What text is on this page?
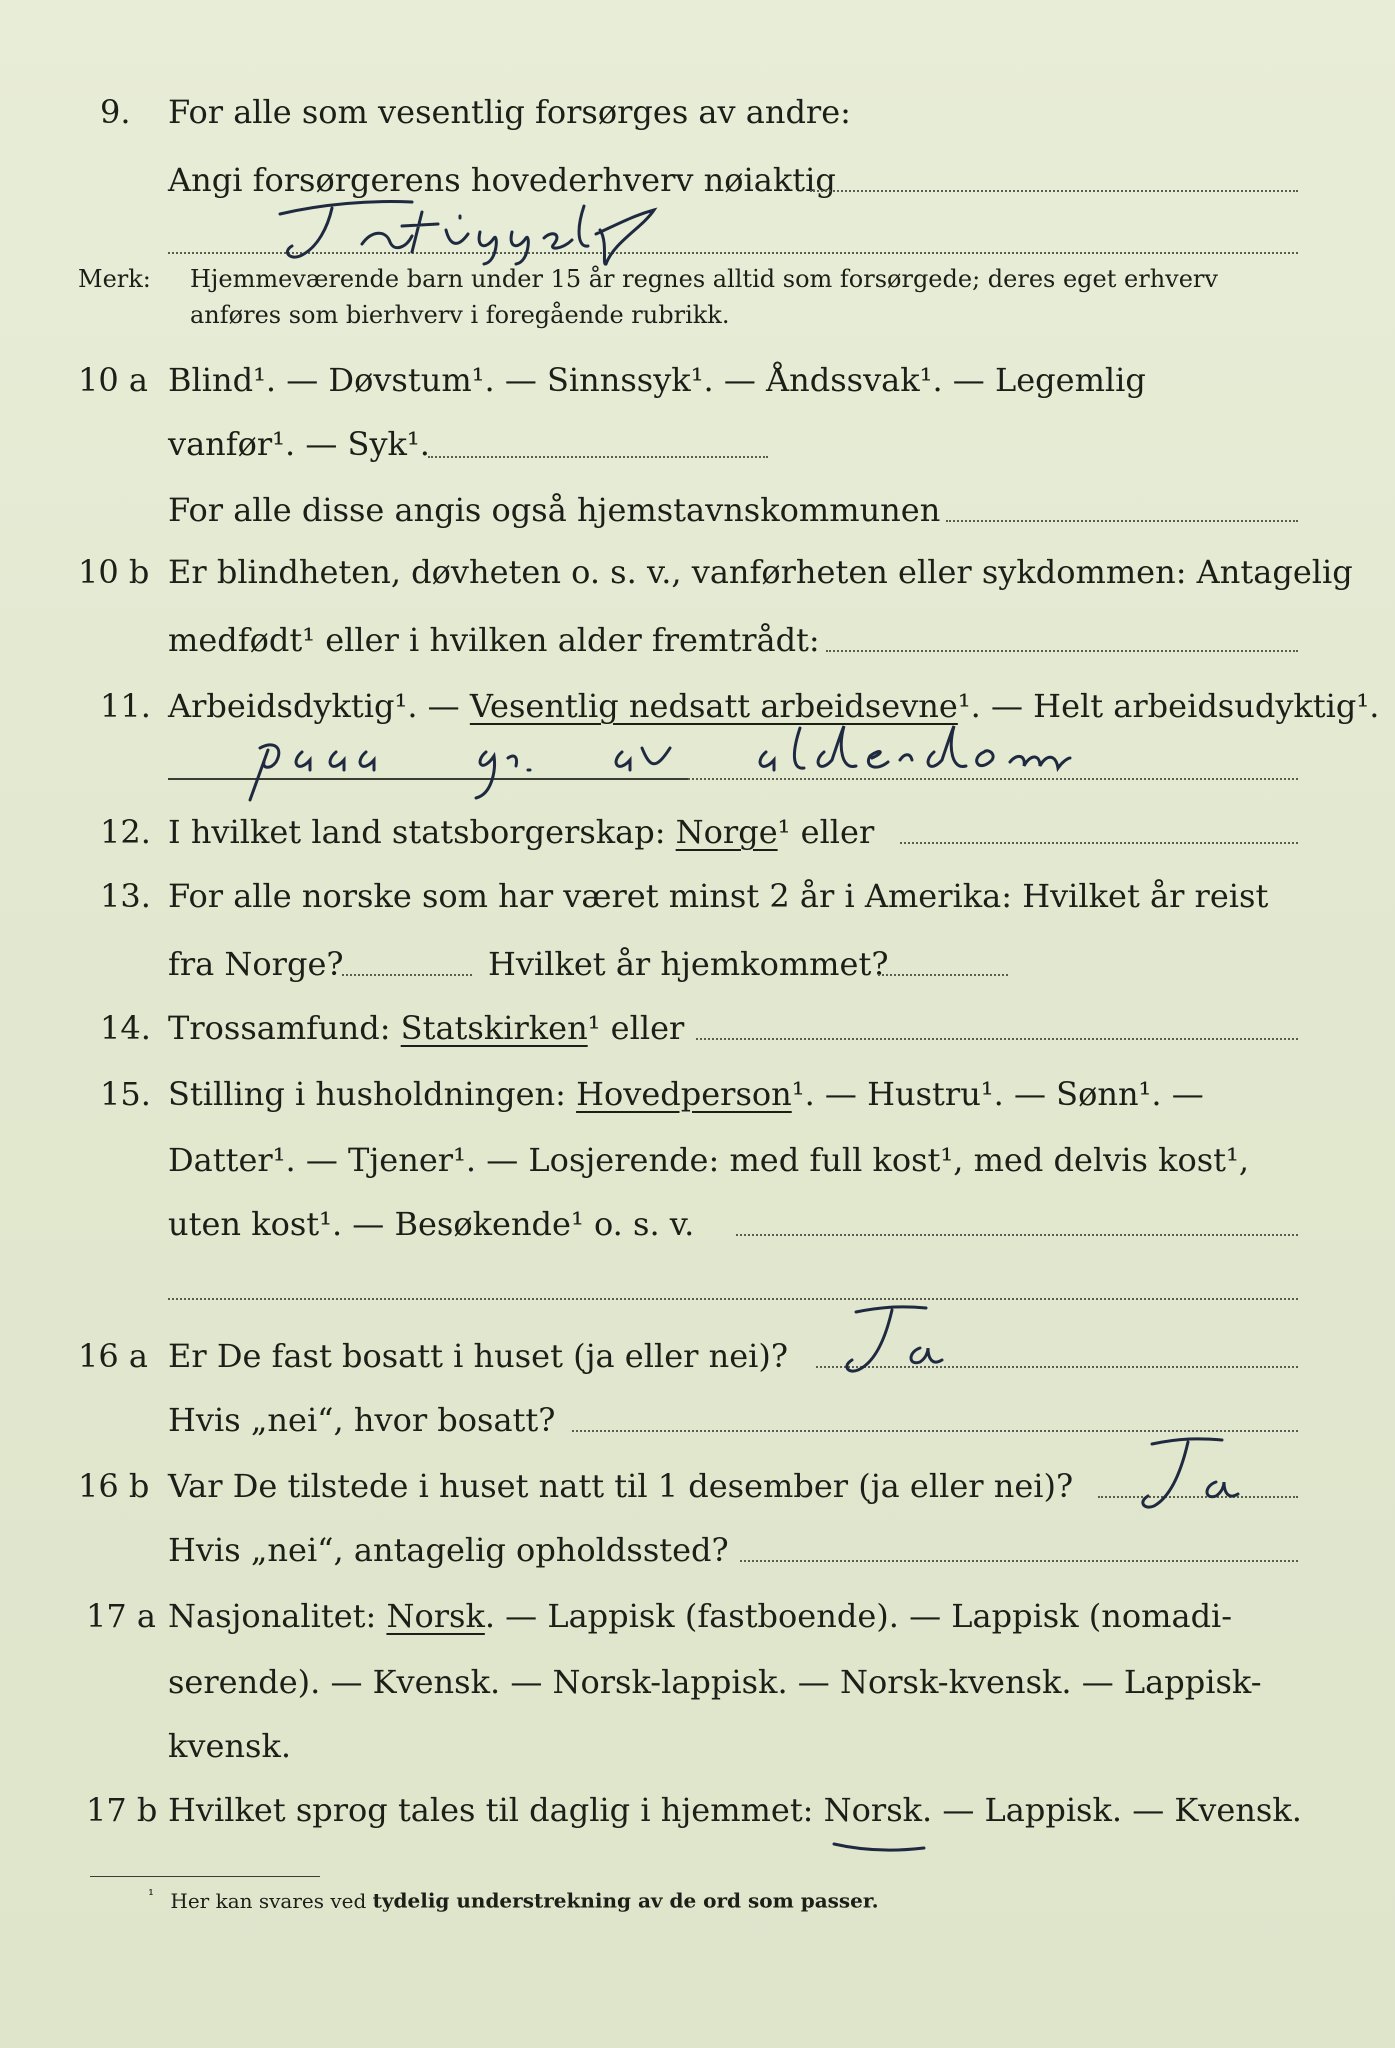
9. For alle som vesentlig forsørges av andre:
Angi forsørgerens hovederhverv nøiaktig
Merk: Hjemmeværende barn under 15 år regnes alltid som forsørgede; deres eget erhverv
anføres som bierhverv i foregående rubrikk.
10 a Blind¹. — Døvstum¹. — Sinnssyk¹. — Åndssvak¹. — Legemlig
vanfør¹. — Syk¹.
For alle disse angis også hjemstavnskommunen
10 b Er blindheten, døvheten o. s. v., vanførheten eller sykdommen: Antagelig
medfødt¹ eller i hvilken alder fremtrådt:
11. Arbeidsdyktig¹. — Vesentlig nedsatt arbeidsevne¹. — Helt arbeidsudyktig¹.
12. I hvilket land statsborgerskap: Norge¹ eller
13. For alle norske som har været minst 2 år i Amerika: Hvilket år reist
fra Norge?	Hvilket år hjemkommet?
14. Trossamfund: Statskirken¹ eller
15. Stilling i husholdningen: Hovedperson¹. — Hustru¹. — Sønn¹. —
Datter¹. — Tjener¹. — Losjerende: med full kost¹, med delvis kost¹,
uten kost¹. — Besøkende¹ o. s. v.
16 a Er De fast bosatt i huset (ja eller nei)?
Hvis „nei“, hvor bosatt?
16 b Var De tilstede i huset natt til 1 desember (ja eller nei)?
Hvis „nei“, antagelig opholdssted?
17 a Nasjonalitet: Norsk. — Lappisk (fastboende). — Lappisk (nomadi-
serende). — Kvensk. — Norsk-lappisk. — Norsk-kvensk. — Lappisk-
kvensk.
17 b Hvilket sprog tales til daglig i hjemmet: Norsk. — Lappisk. — Kvensk.
$^{^1}$ Her kan svares ved tydelig understrekning av de ord som passer.
